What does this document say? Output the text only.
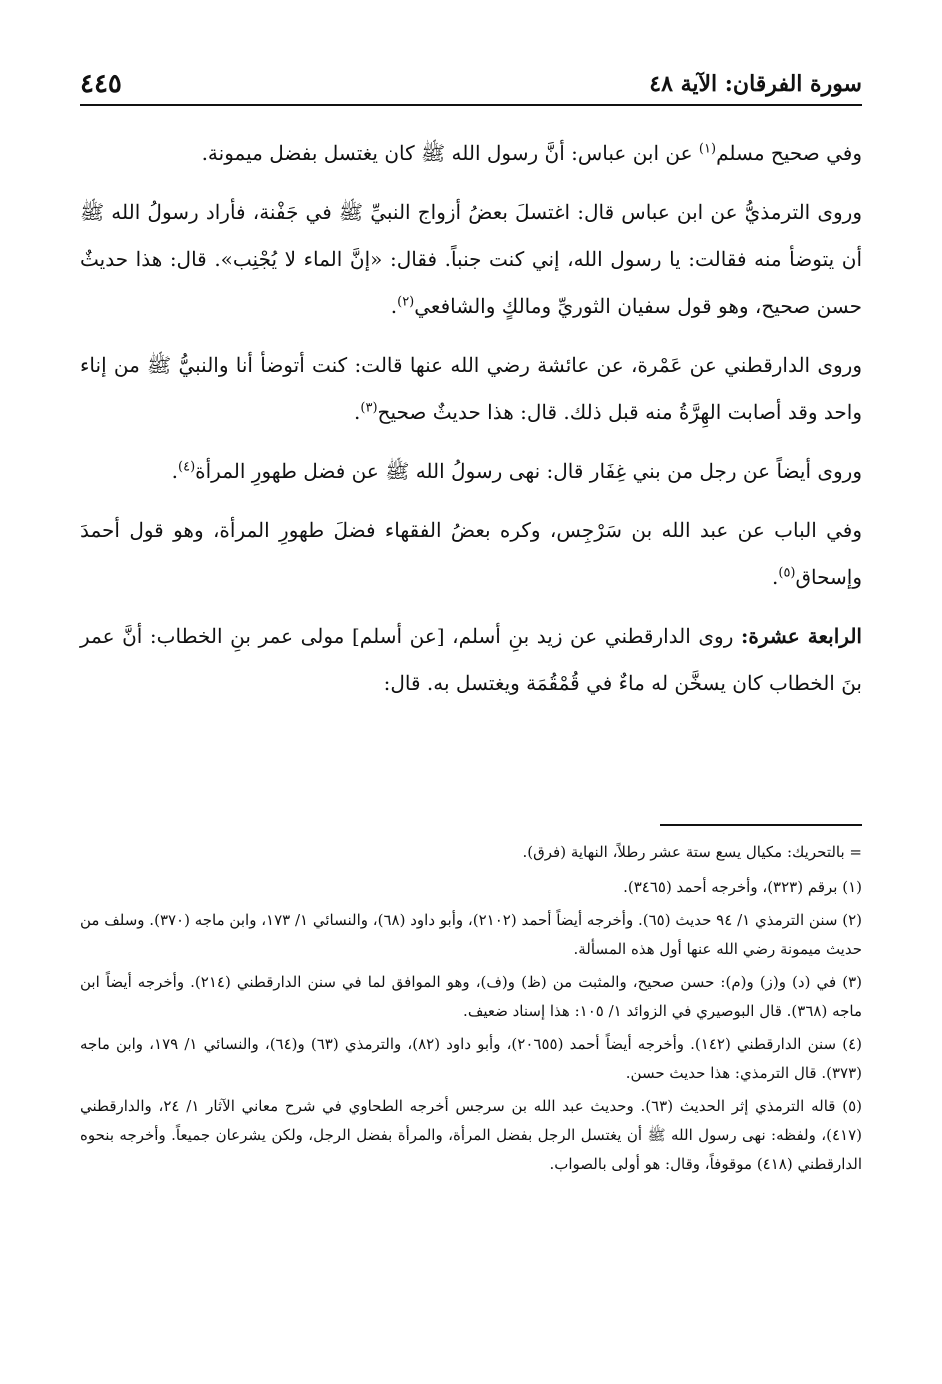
٤٤٥	سورة الفرقان: الآية ٤٨

وفي صحيح مسلم$^{(١)}$ عن ابن عباس: أنَّ رسول الله ﷺ كان يغتسل بفضل ميمونة.

وروى الترمذيُّ عن ابن عباس قال: اغتسلَ بعضُ أزواج النبيِّ ﷺ في جَفْنة، فأراد رسولُ الله ﷺ أن يتوضأ منه فقالت: يا رسول الله، إني كنت جنباً. فقال: «إنَّ الماء لا يُجْنِب». قال: هذا حديثٌ حسن صحيح، وهو قول سفيان الثوريِّ ومالكٍ والشافعي$^{(٢)}$.

وروى الدارقطني عن عَمْرة، عن عائشة رضي الله عنها قالت: كنت أتوضأ أنا والنبيُّ ﷺ من إناء واحد وقد أصابت الهِرَّةُ منه قبل ذلك. قال: هذا حديثٌ صحيح$^{(٣)}$.

وروى أيضاً عن رجل من بني غِفَار قال: نهى رسولُ الله ﷺ عن فضل طهورِ المرأة$^{(٤)}$.

وفي الباب عن عبد الله بن سَرْجِس، وكره بعضُ الفقهاء فضلَ طهورِ المرأة، وهو قول أحمدَ وإسحاق$^{(٥)}$.

الرابعة عشرة: روى الدارقطني عن زيد بنِ أسلم، [عن أسلم] مولى عمر بنِ الخطاب: أنَّ عمر بنَ الخطاب كان يسخَّن له ماءٌ في قُمْقُمَة ويغتسل به. قال:

= بالتحريك: مكيال يسع ستة عشر رطلاً، النهاية (فرق).

(١) برقم (٣٢٣)، وأخرجه أحمد (٣٤٦٥).

(٢) سنن الترمذي ١/ ٩٤ حديث (٦٥). وأخرجه أيضاً أحمد (٢١٠٢)، وأبو داود (٦٨)، والنسائي ١/ ١٧٣، وابن ماجه (٣٧٠). وسلف من حديث ميمونة رضي الله عنها أول هذه المسألة.

(٣) في (د) و(ز) و(م): حسن صحيح، والمثبت من (ظ) و(ف)، وهو الموافق لما في سنن الدارقطني (٢١٤). وأخرجه أيضاً ابن ماجه (٣٦٨). قال البوصيري في الزوائد ١/ ١٠٥: هذا إسناد ضعيف.

(٤) سنن الدارقطني (١٤٢). وأخرجه أيضاً أحمد (٢٠٦٥٥)، وأبو داود (٨٢)، والترمذي (٦٣) و(٦٤)، والنسائي ١/ ١٧٩، وابن ماجه (٣٧٣). قال الترمذي: هذا حديث حسن.

(٥) قاله الترمذي إثر الحديث (٦٣). وحديث عبد الله بن سرجس أخرجه الطحاوي في شرح معاني الآثار ١/ ٢٤، والدارقطني (٤١٧)، ولفظه: نهى رسول الله ﷺ أن يغتسل الرجل بفضل المرأة، والمرأة بفضل الرجل، ولكن يشرعان جميعاً. وأخرجه بنحوه الدارقطني (٤١٨) موقوفاً، وقال: هو أولى بالصواب.
